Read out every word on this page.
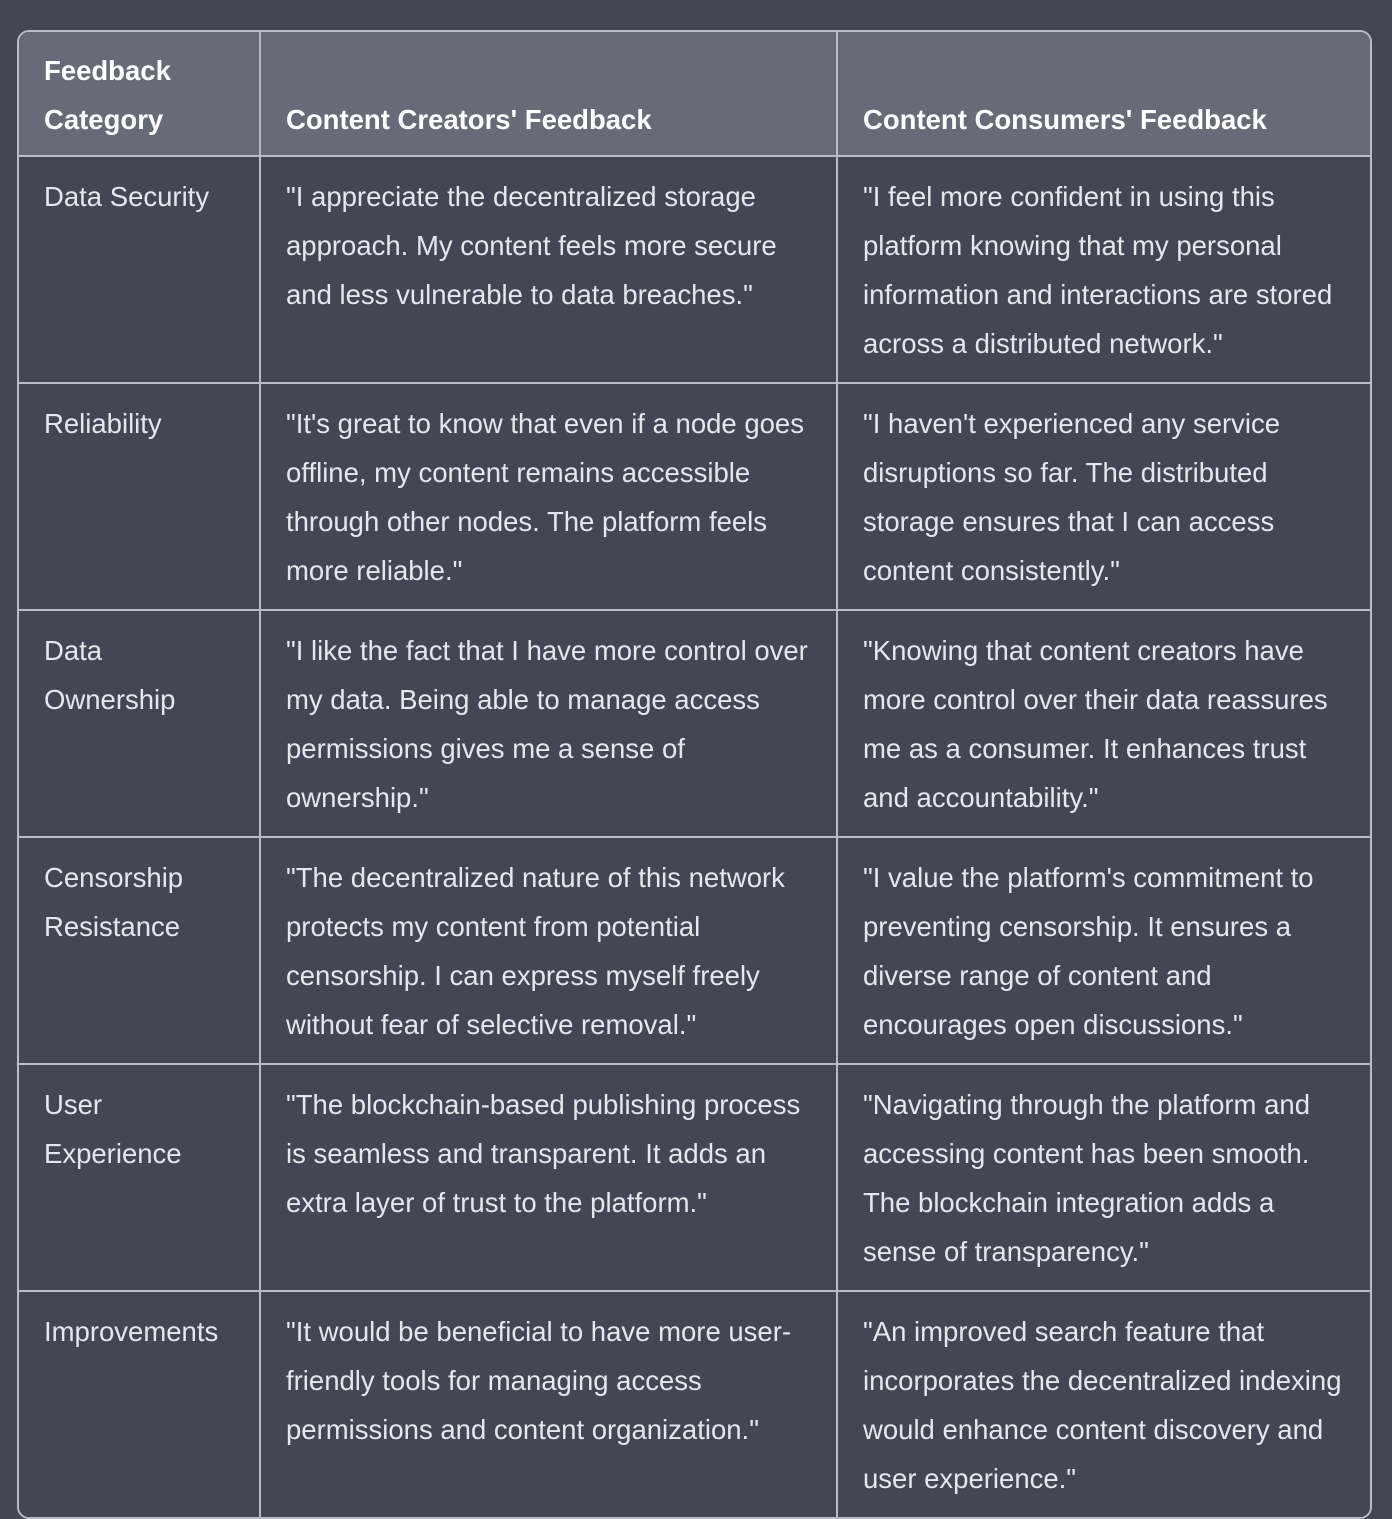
Feedback Category	Content Creators' Feedback	Content Consumers' Feedback
Data Security	"I appreciate the decentralized storage approach. My content feels more secure and less vulnerable to data breaches."	"I feel more confident in using this platform knowing that my personal information and interactions are stored across a distributed network."
Reliability	"It's great to know that even if a node goes offline, my content remains accessible through other nodes. The platform feels more reliable."	"I haven't experienced any service disruptions so far. The distributed storage ensures that I can access content consistently."
Data Ownership	"I like the fact that I have more control over my data. Being able to manage access permissions gives me a sense of ownership."	"Knowing that content creators have more control over their data reassures me as a consumer. It enhances trust and accountability."
Censorship Resistance	"The decentralized nature of this network protects my content from potential censorship. I can express myself freely without fear of selective removal."	"I value the platform's commitment to preventing censorship. It ensures a diverse range of content and encourages open discussions."
User Experience	"The blockchain-based publishing process is seamless and transparent. It adds an extra layer of trust to the platform."	"Navigating through the platform and accessing content has been smooth. The blockchain integration adds a sense of transparency."
Improvements	"It would be beneficial to have more user-friendly tools for managing access permissions and content organization."	"An improved search feature that incorporates the decentralized indexing would enhance content discovery and user experience."
